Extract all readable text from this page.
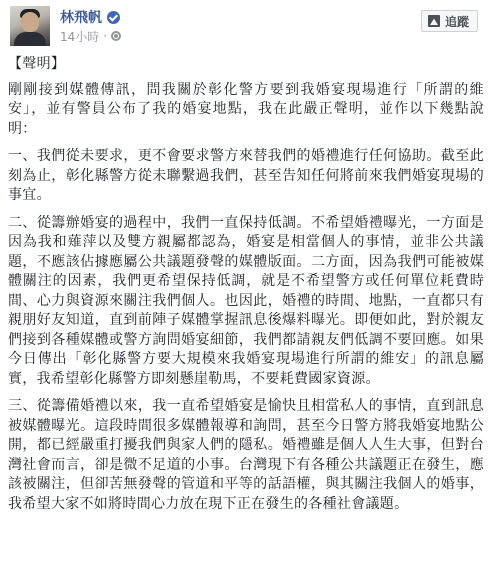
林飛帆
14小時 ·
追蹤

【聲明】

剛剛接到媒體傳訊，問我關於彰化警方要到我婚宴現場進行「所謂的維安」，並有警員公布了我的婚宴地點，我在此嚴正聲明，並作以下幾點說明：

一、我們從未要求，更不會要求警方來替我們的婚禮進行任何協助。截至此刻為止，彰化縣警方從未聯繫過我們，甚至告知任何將前來我們婚宴現場的事宜。

二、從籌辦婚宴的過程中，我們一直保持低調。不希望婚禮曝光，一方面是因為我和薙萍以及雙方親屬都認為，婚宴是相當個人的事情，並非公共議題，不應該佔據應屬公共議題發聲的媒體版面。二方面，因為我們可能被媒體關注的因素，我們更希望保持低調，就是不希望警方或任何單位耗費時間、心力與資源來關注我們個人。也因此，婚禮的時間、地點，一直都只有親朋好友知道，直到前陣子媒體掌握訊息後爆料曝光。即便如此，對於親友們接到各種媒體或警方詢問婚宴細節，我們都請親友們低調不要回應。如果今日傳出「彰化縣警方要大規模來我婚宴現場進行所謂的維安」的訊息屬實，我希望彰化縣警方即刻懸崖勒馬，不要耗費國家資源。

三、從籌備婚禮以來，我一直希望婚宴是愉快且相當私人的事情，直到訊息被媒體曝光。這段時間很多媒體報導和詢問，甚至今日警方將我婚宴地點公開，都已經嚴重打擾我們與家人們的隱私。婚禮雖是個人人生大事，但對台灣社會而言，卻是微不足道的小事。台灣現下有各種公共議題正在發生，應該被關注，但卻苦無發聲的管道和平等的話語權，與其關注我個人的婚事，我希望大家不如將時間心力放在現下正在發生的各種社會議題。
